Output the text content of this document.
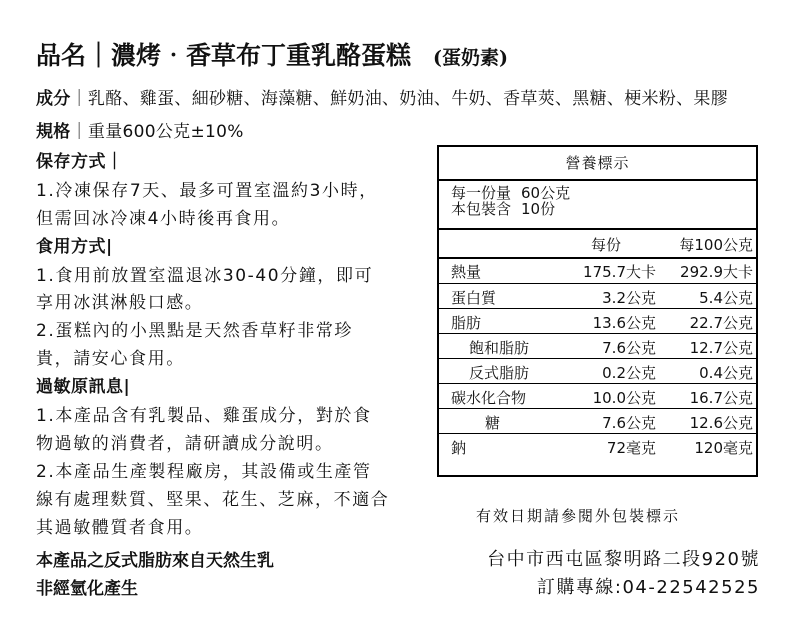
品名｜濃烤‧香草布丁重乳酪蛋糕 (蛋奶素)
成分｜乳酪、雞蛋、細砂糖、海藻糖、鮮奶油、奶油、牛奶、香草莢、黑糖、梗米粉、果膠
規格｜重量600公克±10%
保存方式｜
1.冷凍保存7天、最多可置室溫約3小時，
但需回冰冷凍4小時後再食用。
食用方式|
1.食用前放置室溫退冰30-40分鐘，即可
享用冰淇淋般口感。
2.蛋糕內的小黑點是天然香草籽非常珍
貴，請安心食用。
過敏原訊息|
1.本產品含有乳製品、雞蛋成分，對於食
物過敏的消費者，請研讀成分說明。
2.本產品生產製程廠房，其設備或生產管
線有處理麩質、堅果、花生、芝麻，不適合
其過敏體質者食用。
營養標示
每一份量 60公克
本包裝含 10份
每份	每100公克
熱量	175.7大卡 292.9大卡
蛋白質	3.2公克	5.4公克
脂肪	13.6公克 22.7公克
飽和脂肪	7.6公克 12.7公克
反式脂肪	0.2公克	0.4公克
碳水化合物	10.0公克 16.7公克
糖	7.6公克 12.6公克
鈉	72毫克	120毫克
有效日期請參閱外包裝標示
本產品之反式脂肪來自天然生乳
非經氫化產生
台中市西屯區黎明路二段920號
訂購專線:04-22542525
